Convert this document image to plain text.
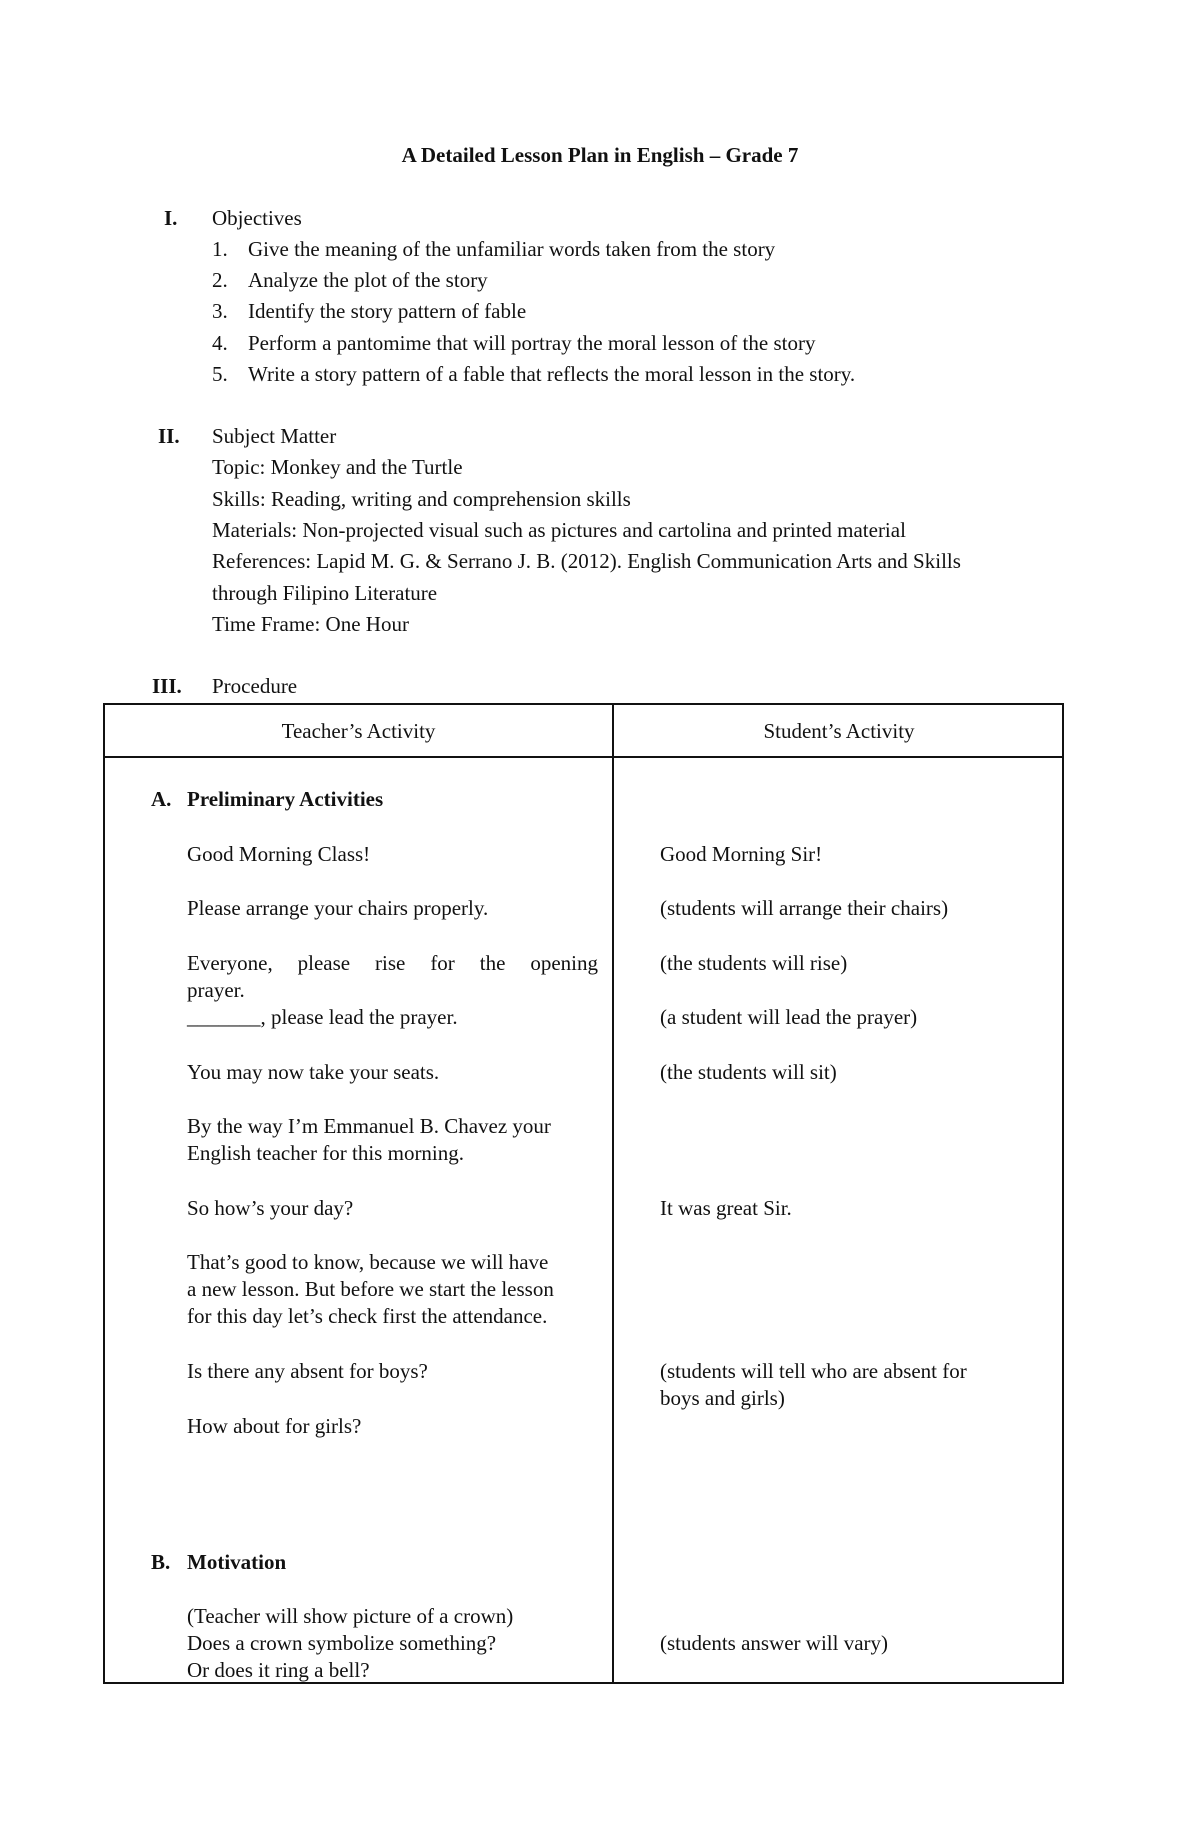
A Detailed Lesson Plan in English – Grade 7
I. Objectives
1. Give the meaning of the unfamiliar words taken from the story
2. Analyze the plot of the story
3. Identify the story pattern of fable
4. Perform a pantomime that will portray the moral lesson of the story
5. Write a story pattern of a fable that reflects the moral lesson in the story.
II. Subject Matter
Topic: Monkey and the Turtle
Skills: Reading, writing and comprehension skills
Materials: Non-projected visual such as pictures and cartolina and printed material
References: Lapid M. G. & Serrano J. B. (2012). English Communication Arts and Skills
through Filipino Literature
Time Frame: One Hour
III. Procedure
Teacher’s Activity	Student’s Activity
A. Preliminary Activities
Good Morning Class!
Please arrange your chairs properly.
Everyone, please rise for the opening
prayer.
_______, please lead the prayer.
You may now take your seats.
By the way I’m Emmanuel B. Chavez your
English teacher for this morning.
So how’s your day?
That’s good to know, because we will have
a new lesson. But before we start the lesson
for this day let’s check first the attendance.
Is there any absent for boys?
How about for girls?
B. Motivation
(Teacher will show picture of a crown)
Does a crown symbolize something?
Or does it ring a bell?
Good Morning Sir!
(students will arrange their chairs)
(the students will rise)
(a student will lead the prayer)
(the students will sit)
It was great Sir.
(students will tell who are absent for
boys and girls)
(students answer will vary)
